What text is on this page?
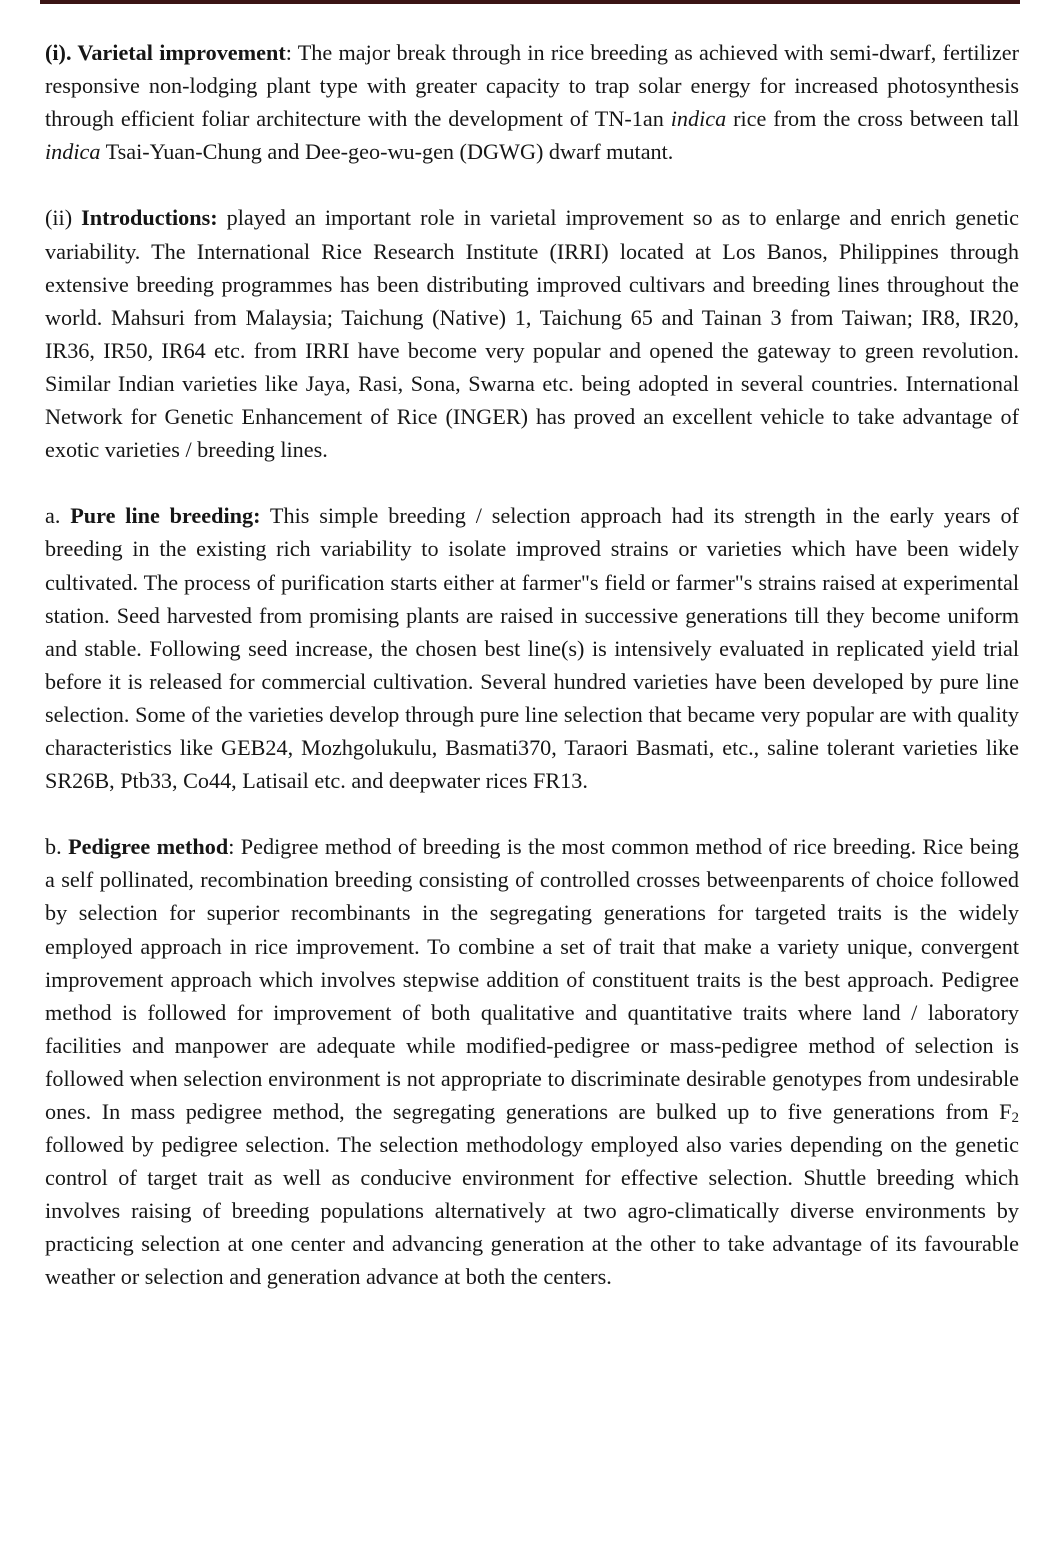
(i). Varietal improvement: The major break through in rice breeding as achieved with semi-dwarf, fertilizer responsive non-lodging plant type with greater capacity to trap solar energy for increased photosynthesis through efficient foliar architecture with the development of TN-1an indica rice from the cross between tall indica Tsai-Yuan-Chung and Dee-geo-wu-gen (DGWG) dwarf mutant.

(ii) Introductions: played an important role in varietal improvement so as to enlarge and enrich genetic variability. The International Rice Research Institute (IRRI) located at Los Banos, Philippines through extensive breeding programmes has been distributing improved cultivars and breeding lines throughout the world. Mahsuri from Malaysia; Taichung (Native) 1, Taichung 65 and Tainan 3 from Taiwan; IR8, IR20, IR36, IR50, IR64 etc. from IRRI have become very popular and opened the gateway to green revolution. Similar Indian varieties like Jaya, Rasi, Sona, Swarna etc. being adopted in several countries. International Network for Genetic Enhancement of Rice (INGER) has proved an excellent vehicle to take advantage of exotic varieties / breeding lines.

a. Pure line breeding: This simple breeding / selection approach had its strength in the early years of breeding in the existing rich variability to isolate improved strains or varieties which have been widely cultivated. The process of purification starts either at farmer"s field or farmer"s strains raised at experimental station. Seed harvested from promising plants are raised in successive generations till they become uniform and stable. Following seed increase, the chosen best line(s) is intensively evaluated in replicated yield trial before it is released for commercial cultivation. Several hundred varieties have been developed by pure line selection. Some of the varieties develop through pure line selection that became very popular are with quality characteristics like GEB24, Mozhgolukulu, Basmati370, Taraori Basmati, etc., saline tolerant varieties like SR26B, Ptb33, Co44, Latisail etc. and deepwater rices FR13.

b. Pedigree method: Pedigree method of breeding is the most common method of rice breeding. Rice being a self pollinated, recombination breeding consisting of controlled crosses betweenparents of choice followed by selection for superior recombinants in the segregating generations for targeted traits is the widely employed approach in rice improvement. To combine a set of trait that make a variety unique, convergent improvement approach which involves stepwise addition of constituent traits is the best approach. Pedigree method is followed for improvement of both qualitative and quantitative traits where land / laboratory facilities and manpower are adequate while modified-pedigree or mass-pedigree method of selection is followed when selection environment is not appropriate to discriminate desirable genotypes from undesirable ones. In mass pedigree method, the segregating generations are bulked up to five generations from $F_2$ followed by pedigree selection. The selection methodology employed also varies depending on the genetic control of target trait as well as conducive environment for effective selection. Shuttle breeding which involves raising of breeding populations alternatively at two agro-climatically diverse environments by practicing selection at one center and advancing generation at the other to take advantage of its favourable weather or selection and generation advance at both the centers.
